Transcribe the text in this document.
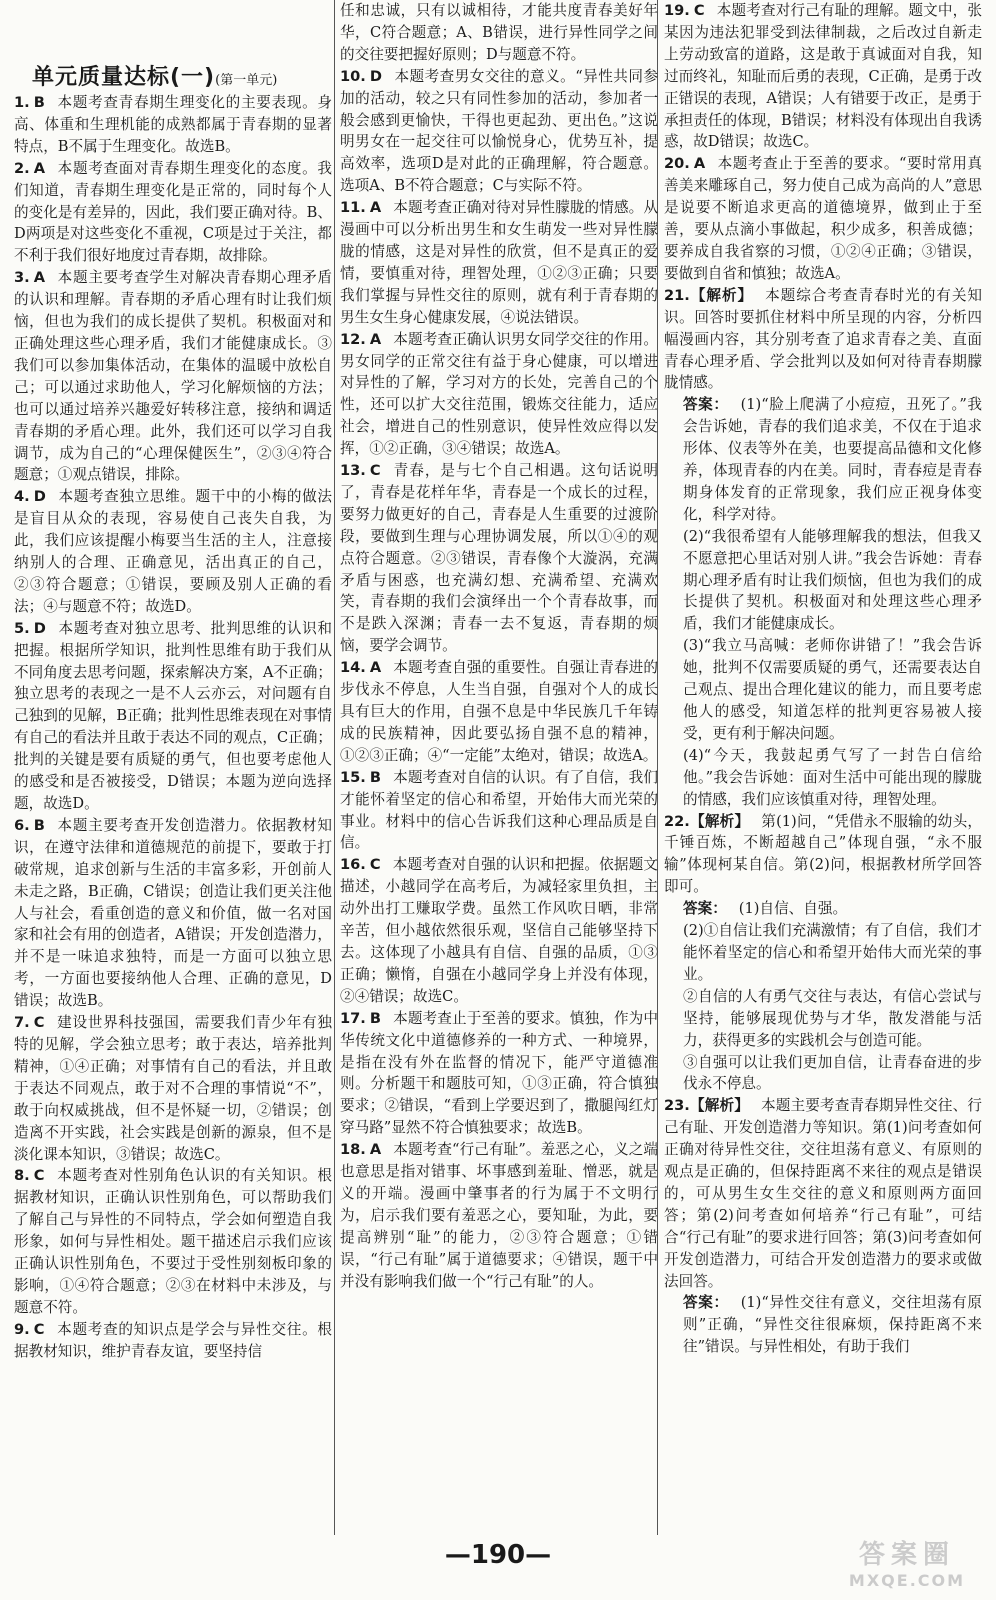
单元质量达标(一)(第一单元)

1. B 本题考查青春期生理变化的主要表现。身高、体重和生理机能的成熟都属于青春期的显著特点，B不属于生理变化。故选B。

2. A 本题考查面对青春期生理变化的态度。我们知道，青春期生理变化是正常的，同时每个人的变化是有差异的，因此，我们要正确对待。B、D两项是对这些变化不重视，C项是过于关注，都不利于我们很好地度过青春期，故排除。

3. A 本题主要考查学生对解决青春期心理矛盾的认识和理解。青春期的矛盾心理有时让我们烦恼，但也为我们的成长提供了契机。积极面对和正确处理这些心理矛盾，我们才能健康成长。③我们可以参加集体活动，在集体的温暖中放松自己；可以通过求助他人，学习化解烦恼的方法；也可以通过培养兴趣爱好转移注意，接纳和调适青春期的矛盾心理。此外，我们还可以学习自我调节，成为自己的“心理保健医生”，②③④符合题意；①观点错误，排除。

4. D 本题考查独立思维。题干中的小梅的做法是盲目从众的表现，容易使自己丧失自我，为此，我们应该提醒小梅要当生活的主人，注意接纳别人的合理、正确意见，活出真正的自己，②③符合题意；①错误，要顾及别人正确的看法；④与题意不符；故选D。

5. D 本题考查对独立思考、批判思维的认识和把握。根据所学知识，批判性思维有助于我们从不同角度去思考问题，探索解决方案，A不正确；独立思考的表现之一是不人云亦云，对问题有自己独到的见解，B正确；批判性思维表现在对事情有自己的看法并且敢于表达不同的观点，C正确；批判的关键是要有质疑的勇气，但也要考虑他人的感受和是否被接受，D错误；本题为逆向选择题，故选D。

6. B 本题主要考查开发创造潜力。依据教材知识，在遵守法律和道德规范的前提下，要敢于打破常规，追求创新与生活的丰富多彩，开创前人未走之路，B正确，C错误；创造让我们更关注他人与社会，看重创造的意义和价值，做一名对国家和社会有用的创造者，A错误；开发创造潜力，并不是一味追求独特，而是一方面可以独立思考，一方面也要接纳他人合理、正确的意见，D错误；故选B。

7. C 建设世界科技强国，需要我们青少年有独特的见解，学会独立思考；敢于表达，培养批判精神，①④正确；对事情有自己的看法，并且敢于表达不同观点，敢于对不合理的事情说“不”，敢于向权威挑战，但不是怀疑一切，②错误；创造离不开实践，社会实践是创新的源泉，但不是淡化课本知识，③错误；故选C。

8. C 本题考查对性别角色认识的有关知识。根据教材知识，正确认识性别角色，可以帮助我们了解自己与异性的不同特点，学会如何塑造自我形象，如何与异性相处。题干描述启示我们应该正确认识性别角色，不要过于受性别刻板印象的影响，①④符合题意；②③在材料中未涉及，与题意不符。

9. C 本题考查的知识点是学会与异性交往。根据教材知识，维护青春友谊，要坚持信

任和忠诚，只有以诚相待，才能共度青春美好年华，C符合题意；A、B错误，进行异性同学之间的交往要把握好原则；D与题意不符。

10. D 本题考查男女交往的意义。“异性共同参加的活动，较之只有同性参加的活动，参加者一般会感到更愉快，干得也更起劲、更出色。”这说明男女在一起交往可以愉悦身心，优势互补，提高效率，选项D是对此的正确理解，符合题意。选项A、B不符合题意；C与实际不符。

11. A 本题考查正确对待对异性朦胧的情感。从漫画中可以分析出男生和女生萌发一些对异性朦胧的情感，这是对异性的欣赏，但不是真正的爱情，要慎重对待，理智处理，①②③正确；只要我们掌握与异性交往的原则，就有利于青春期的男生女生身心健康发展，④说法错误。

12. A 本题考查正确认识男女同学交往的作用。男女同学的正常交往有益于身心健康，可以增进对异性的了解，学习对方的长处，完善自己的个性，还可以扩大交往范围，锻炼交往能力，适应社会，增进自己的性别意识，使异性效应得以发挥，①②正确，③④错误；故选A。

13. C 青春，是与七个自己相遇。这句话说明了，青春是花样年华，青春是一个成长的过程，要努力做更好的自己，青春是人生重要的过渡阶段，要做到生理与心理协调发展，所以①④的观点符合题意。②③错误，青春像个大漩涡，充满矛盾与困惑，也充满幻想、充满希望、充满欢笑，青春期的我们会演绎出一个个青春故事，而不是跌入深渊；青春一去不复返，青春期的烦恼，要学会调节。

14. A 本题考查自强的重要性。自强让青春进的步伐永不停息，人生当自强，自强对个人的成长具有巨大的作用，自强不息是中华民族几千年铸成的民族精神，因此要弘扬自强不息的精神，①②③正确；④“一定能”太绝对，错误；故选A。

15. B 本题考查对自信的认识。有了自信，我们才能怀着坚定的信心和希望，开始伟大而光荣的事业。材料中的信心告诉我们这种心理品质是自信。

16. C 本题考查对自强的认识和把握。依据题文描述，小越同学在高考后，为减轻家里负担，主动外出打工赚取学费。虽然工作风吹日晒，非常辛苦，但小越依然很乐观，坚信自己能够坚持下去。这体现了小越具有自信、自强的品质，①③正确；懒惰，自强在小越同学身上并没有体现，②④错误；故选C。

17. B 本题考查止于至善的要求。慎独，作为中华传统文化中道德修养的一种方式、一种境界，是指在没有外在监督的情况下，能严守道德准则。分析题干和题肢可知，①③正确，符合慎独要求；②错误，“看到上学要迟到了，撒腿闯红灯穿马路”显然不符合慎独要求；故选B。

18. A 本题考查“行己有耻”。羞恶之心，义之端也意思是指对错事、坏事感到羞耻、憎恶，就是义的开端。漫画中肇事者的行为属于不文明行为，启示我们要有羞恶之心，要知耻，为此，要提高辨别“耻”的能力，②③符合题意；①错误，“行己有耻”属于道德要求；④错误，题干中并没有影响我们做一个“行己有耻”的人。

19. C 本题考查对行己有耻的理解。题文中，张某因为违法犯罪受到法律制裁，之后改过自新走上劳动致富的道路，这是敢于真诚面对自我，知过而终礼，知耻而后勇的表现，C正确，是勇于改正错误的表现，A错误；人有错要于改正，是勇于承担责任的体现，B错误；材料没有体现出自我诱惑，故D错误；故选C。

20. A 本题考查止于至善的要求。“要时常用真善美来雕琢自己，努力使自己成为高尚的人”意思是说要不断追求更高的道德境界，做到止于至善，要从点滴小事做起，积少成多，积善成德；要养成自我省察的习惯，①②④正确；③错误，要做到自省和慎独；故选A。

21.【解析】 本题综合考查青春时光的有关知识。回答时要抓住材料中所呈现的内容，分析四幅漫画内容，其分别考查了追求青春之美、直面青春心理矛盾、学会批判以及如何对待青春期朦胧情感。

答案： (1)“脸上爬满了小痘痘，丑死了。”我会告诉她，青春的我们追求美，不仅在于追求形体、仪表等外在美，也要提高品德和文化修养，体现青春的内在美。同时，青春痘是青春期身体发育的正常现象，我们应正视身体变化，科学对待。

(2)“我很希望有人能够理解我的想法，但我又不愿意把心里话对别人讲。”我会告诉她：青春期心理矛盾有时让我们烦恼，但也为我们的成长提供了契机。积极面对和处理这些心理矛盾，我们才能健康成长。

(3)“我立马高喊：老师你讲错了！”我会告诉她，批判不仅需要质疑的勇气，还需要表达自己观点、提出合理化建议的能力，而且要考虑他人的感受，知道怎样的批判更容易被人接受，更有利于解决问题。

(4)“今天，我鼓起勇气写了一封告白信给他。”我会告诉她：面对生活中可能出现的朦胧的情感，我们应该慎重对待，理智处理。

22.【解析】 第(1)问，“凭借永不服输的幼头，千锤百炼，不断超越自己”体现自强，“永不服输”体现柯某自信。第(2)问，根据教材所学回答即可。

答案： (1)自信、自强。

(2)①自信让我们充满激情；有了自信，我们才能怀着坚定的信心和希望开始伟大而光荣的事业。

②自信的人有勇气交往与表达，有信心尝试与坚持，能够展现优势与才华，散发潜能与活力，获得更多的实践机会与创造可能。

③自强可以让我们更加自信，让青春奋进的步伐永不停息。

23.【解析】 本题主要考查青春期异性交往、行己有耻、开发创造潜力等知识。第(1)问考查如何正确对待异性交往，交往坦荡有意义、有原则的观点是正确的，但保持距离不来往的观点是错误的，可从男生女生交往的意义和原则两方面回答；第(2)问考查如何培养“行己有耻”，可结合“行己有耻”的要求进行回答；第(3)问考查如何开发创造潜力，可结合开发创造潜力的要求或做法回答。

答案： (1)“异性交往有意义，交往坦荡有原则”正确，“异性交往很麻烦，保持距离不来往”错误。与异性相处，有助于我们

—190—	答案圈
MXQE.COM
